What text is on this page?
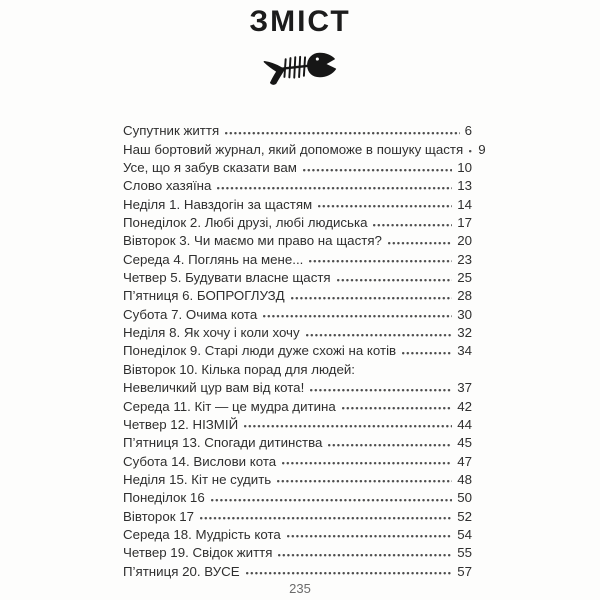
ЗМІСТ
Супутник життя	6
Наш бортовий журнал, який допоможе в пошуку щастя 9
Усе, що я забув сказати вам	10
Слово хазяїна	13
Неділя 1. Навздогін за щастям	14
Понеділок 2. Любі друзі, любі людиська	17
Вівторок 3. Чи маємо ми право на щастя?	20
Середа 4. Поглянь на мене...	23
Четвер 5. Будувати власне щастя	25
П’ятниця 6. БОПРОГЛУЗД	28
Субота 7. Очима кота	30
Неділя 8. Як хочу і коли хочу	32
Понеділок 9. Старі люди дуже схожі на котів	34
Вівторок 10. Кілька порад для людей:
Невеличкий цур вам від кота!	37
Середа 11. Кіт — це мудра дитина	42
Четвер 12. НІЗМІЙ	44
П’ятниця 13. Спогади дитинства	45
Субота 14. Вислови кота	47
Неділя 15. Кіт не судить	48
Понеділок 16	50
Вівторок 17	52
Середа 18. Мудрість кота	54
Четвер 19. Свідок життя	55
П’ятниця 20. ВУСЕ	57
235
